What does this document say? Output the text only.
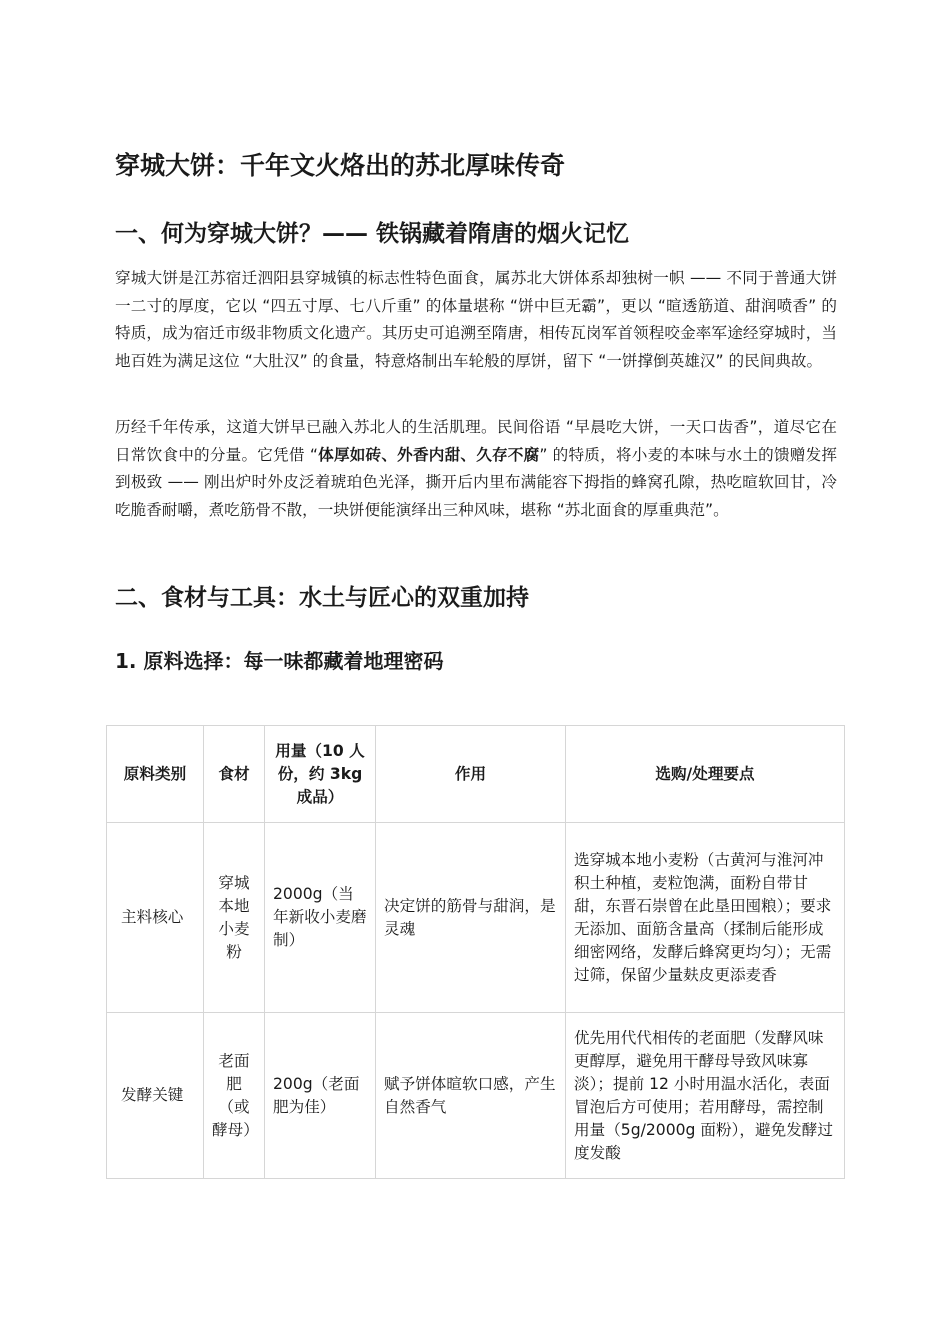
穿城大饼：千年文火烙出的苏北厚味传奇
一、何为穿城大饼？—— 铁锅藏着隋唐的烟火记忆

穿城大饼是江苏宿迁泗阳县穿城镇的标志性特色面食，属苏北大饼体系却独树一帜 —— 不同于普通大饼一二寸的厚度，它以 “四五寸厚、七八斤重” 的体量堪称 “饼中巨无霸”，更以 “暄透筋道、甜润喷香” 的特质，成为宿迁市级非物质文化遗产。其历史可追溯至隋唐，相传瓦岗军首领程咬金率军途经穿城时，当地百姓为满足这位 “大肚汉” 的食量，特意烙制出车轮般的厚饼，留下 “一饼撑倒英雄汉” 的民间典故。

历经千年传承，这道大饼早已融入苏北人的生活肌理。民间俗语 “早晨吃大饼，一天口齿香”，道尽它在日常饮食中的分量。它凭借 “体厚如砖、外香内甜、久存不腐” 的特质，将小麦的本味与水土的馈赠发挥到极致 —— 刚出炉时外皮泛着琥珀色光泽，撕开后内里布满能容下拇指的蜂窝孔隙，热吃暄软回甘，冷吃脆香耐嚼，煮吃筋骨不散，一块饼便能演绎出三种风味，堪称 “苏北面食的厚重典范”。

二、食材与工具：水土与匠心的双重加持
1. 原料选择：每一味都藏着地理密码
原料类别	食材	用量（10 人份，约 3kg 成品）	作用	选购/处理要点
主料核心	穿城本地小麦粉	2000g（当年新收小麦磨制）	决定饼的筋骨与甜润，是灵魂	选穿城本地小麦粉（古黄河与淮河冲积土种植，麦粒饱满，面粉自带甘甜，东晋石崇曾在此垦田囤粮）；要求无添加、面筋含量高（揉制后能形成细密网络，发酵后蜂窝更均匀）；无需过筛，保留少量麸皮更添麦香
发酵关键	老面肥（或酵母）	200g（老面肥为佳）	赋予饼体暄软口感，产生自然香气	优先用代代相传的老面肥（发酵风味更醇厚，避免用干酵母导致风味寡淡）；提前 12 小时用温水活化，表面冒泡后方可使用；若用酵母，需控制用量（5g/2000g 面粉），避免发酵过度发酸
